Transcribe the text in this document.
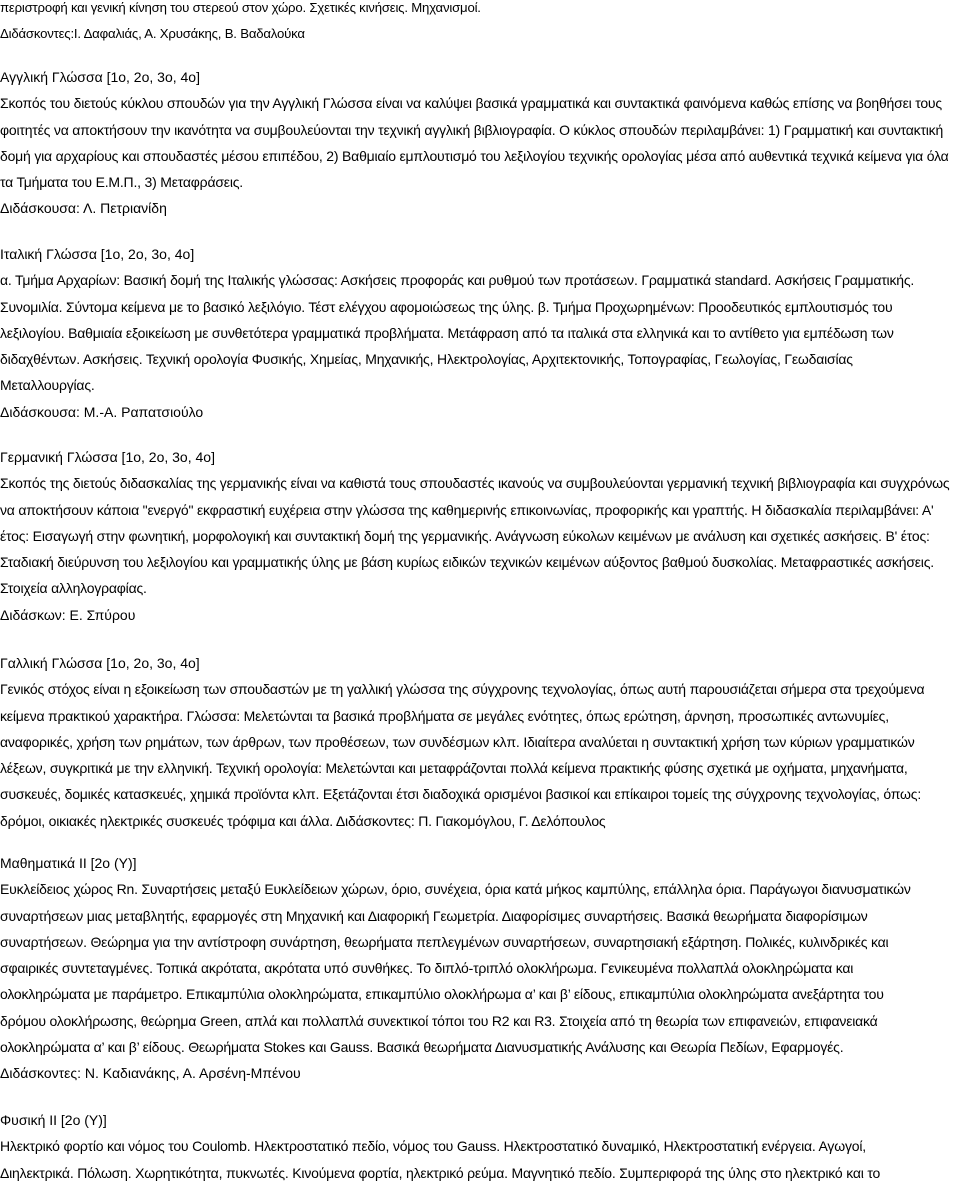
περιστροφή και γενική κίνηση του στερεού στον χώρο. Σχετικές κινήσεις. Μηχανισμοί.

Διδάσκοντες:Ι. Δαφαλιάς, Α. Χρυσάκης, Β. Βαδαλούκα

Αγγλική Γλώσσα [1ο, 2ο, 3ο, 4ο]

Σκοπός του διετούς κύκλου σπουδών για την Αγγλική Γλώσσα είναι να καλύψει βασικά γραμματικά και συντακτικά φαινόμενα καθώς επίσης να βοηθήσει τους φοιτητές να αποκτήσουν την ικανότητα να συμβουλεύονται την τεχνική αγγλική βιβλιογραφία. Ο κύκλος σπουδών περιλαμβάνει: 1) Γραμματική και συντακτική δομή για αρχαρίους και σπουδαστές μέσου επιπέδου, 2) Βαθμιαίο εμπλουτισμό του λεξιλογίου τεχνικής ορολογίας μέσα από αυθεντικά τεχνικά κείμενα για όλα τα Τμήματα του Ε.Μ.Π., 3) Μεταφράσεις.

Διδάσκουσα: Λ. Πετριανίδη

Ιταλική Γλώσσα [1ο, 2ο, 3ο, 4ο]

α. Τμήμα Αρχαρίων: Βασική δομή της Ιταλικής γλώσσας: Ασκήσεις προφοράς και ρυθμού των προτάσεων. Γραμματικά standard. Ασκήσεις Γραμματικής. Συνομιλία. Σύντομα κείμενα με το βασικό λεξιλόγιο. Τέστ ελέγχου αφομοιώσεως της ύλης. β. Τμήμα Προχωρημένων: Προοδευτικός εμπλουτισμός του λεξιλογίου. Βαθμιαία εξοικείωση με συνθετότερα γραμματικά προβλήματα. Μετάφραση από τα ιταλικά στα ελληνικά και το αντίθετο για εμπέδωση των διδαχθέντων. Ασκήσεις. Τεχνική ορολογία Φυσικής, Χημείας, Μηχανικής, Ηλεκτρολογίας, Αρχιτεκτονικής, Τοπογραφίας, Γεωλογίας, Γεωδαισίας Μεταλλουργίας.

Διδάσκουσα: Μ.-Α. Ραπατσιούλο

Γερμανική Γλώσσα [1ο, 2ο, 3ο, 4ο]

Σκοπός της διετούς διδασκαλίας της γερμανικής είναι να καθιστά τους σπουδαστές ικανούς να συμβουλεύονται γερμανική τεχνική βιβλιογραφία και συγχρόνως να αποκτήσουν κάποια "ενεργό" εκφραστική ευχέρεια στην γλώσσα της καθημερινής επικοινωνίας, προφορικής και γραπτής. Η διδασκαλία περιλαμβάνει: Α' έτος: Εισαγωγή στην φωνητική, μορφολογική και συντακτική δομή της γερμανικής. Ανάγνωση εύκολων κειμένων με ανάλυση και σχετικές ασκήσεις. Β' έτος: Σταδιακή διεύρυνση του λεξιλογίου και γραμματικής ύλης με βάση κυρίως ειδικών τεχνικών κειμένων αύξοντος βαθμού δυσκολίας. Μεταφραστικές ασκήσεις. Στοιχεία αλληλογραφίας.

Διδάσκων: Ε. Σπύρου

Γαλλική Γλώσσα [1ο, 2ο, 3ο, 4ο]

Γενικός στόχος είναι η εξοικείωση των σπουδαστών με τη γαλλική γλώσσα της σύγχρονης τεχνολογίας, όπως αυτή παρουσιάζεται σήμερα στα τρεχούμενα κείμενα πρακτικού χαρακτήρα. Γλώσσα: Μελετώνται τα βασικά προβλήματα σε μεγάλες ενότητες, όπως ερώτηση, άρνηση, προσωπικές αντωνυμίες, αναφορικές, χρήση των ρημάτων, των άρθρων, των προθέσεων, των συνδέσμων κλπ. Ιδιαίτερα αναλύεται η συντακτική χρήση των κύριων γραμματικών λέξεων, συγκριτικά με την ελληνική. Τεχνική ορολογία: Μελετώνται και μεταφράζονται πολλά κείμενα πρακτικής φύσης σχετικά με οχήματα, μηχανήματα, συσκευές, δομικές κατασκευές, χημικά προϊόντα κλπ. Εξετάζονται έτσι διαδοχικά ορισμένοι βασικοί και επίκαιροι τομείς της σύγχρονης τεχνολογίας, όπως: δρόμοι, οικιακές ηλεκτρικές συσκευές τρόφιμα και άλλα. Διδάσκοντες: Π. Γιακομόγλου, Γ. Δελόπουλος

Μαθηματικά ΙΙ [2ο (Υ)]

Ευκλείδειος χώρος Rn. Συναρτήσεις μεταξύ Ευκλείδειων χώρων, όριο, συνέχεια, όρια κατά μήκος καμπύλης, επάλληλα όρια. Παράγωγοι διανυσματικών συναρτήσεων μιας μεταβλητής, εφαρμογές στη Μηχανική και Διαφορική Γεωμετρία. Διαφορίσιμες συναρτήσεις. Βασικά θεωρήματα διαφορίσιμων συναρτήσεων. Θεώρημα για την αντίστροφη συνάρτηση, θεωρήματα πεπλεγμένων συναρτήσεων, συναρτησιακή εξάρτηση. Πολικές, κυλινδρικές και σφαιρικές συντεταγμένες. Τοπικά ακρότατα, ακρότατα υπό συνθήκες. Το διπλό-τριπλό ολοκλήρωμα. Γενικευμένα πολλαπλά ολοκληρώματα και ολοκληρώματα με παράμετρο. Επικαμπύλια ολοκληρώματα, επικαμπύλιο ολοκλήρωμα α’ και β’ είδους, επικαμπύλια ολοκληρώματα ανεξάρτητα του δρόμου ολοκλήρωσης, θεώρημα Green, απλά και πολλαπλά συνεκτικοί τόποι του R2 και R3. Στοιχεία από τη θεωρία των επιφανειών, επιφανειακά ολοκληρώματα α’ και β’ είδους. Θεωρήματα Stokes και Gauss. Βασικά θεωρήματα Διανυσματικής Ανάλυσης και Θεωρία Πεδίων, Εφαρμογές.

Διδάσκοντες: Ν. Καδιανάκης, Α. Αρσένη-Μπένου

Φυσική ΙΙ [2ο (Υ)]

Ηλεκτρικό φορτίο και νόμος του Coulomb. Ηλεκτροστατικό πεδίο, νόμος του Gauss. Ηλεκτροστατικό δυναμικό, Ηλεκτροστατική ενέργεια. Αγωγοί, Διηλεκτρικά. Πόλωση. Χωρητικότητα, πυκνωτές. Κινούμενα φορτία, ηλεκτρικό ρεύμα. Μαγνητικό πεδίο. Συμπεριφορά της ύλης στο ηλεκτρικό και το
